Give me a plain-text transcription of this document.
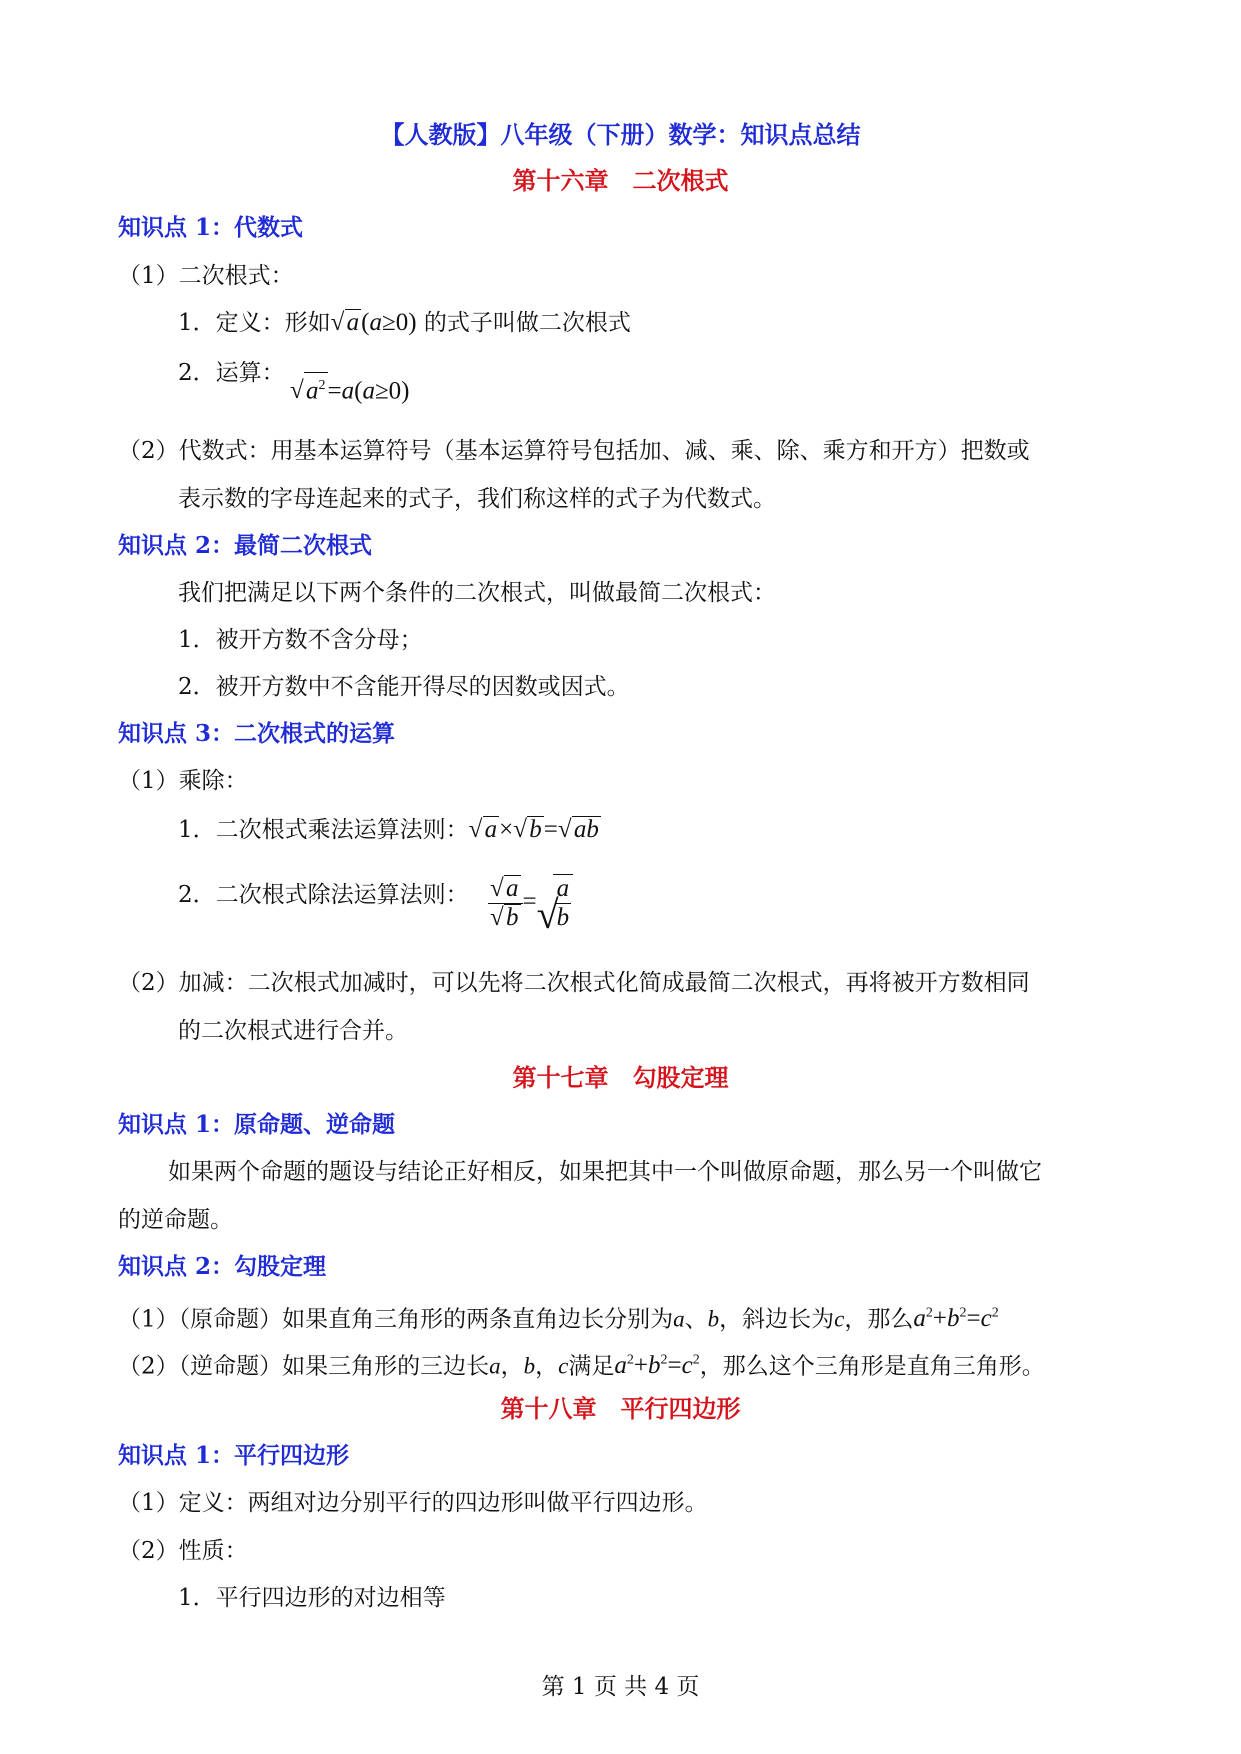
【人教版】八年级（下册）数学：知识点总结
第十六章　二次根式
知识点 1：代数式
（1）二次根式：
1．定义：形如 √ a(a≥0) 的式子叫做二次根式
2．运算：
√ $a^2=a(a\ge 0)$
（2）代数式：用基本运算符号（基本运算符号包括加、减、乘、除、乘方和开方）把数或
表示数的字母连起来的式子，我们称这样的式子为代数式。
知识点 2：最简二次根式
我们把满足以下两个条件的二次根式，叫做最简二次根式：
1．被开方数不含分母；
2．被开方数中不含能开得尽的因数或因式。
知识点 3：二次根式的运算
（1）乘除：
1．二次根式乘法运算法则： √ a× √ b= √ ab
2．二次根式除法运算法则： $\frac{√ a}{√ b}$ = √
$\frac{a}{b}$
（2）加减：二次根式加减时，可以先将二次根式化简成最简二次根式，再将被开方数相同
的二次根式进行合并。
第十七章　勾股定理
知识点 1：原命题、逆命题
如果两个命题的题设与结论正好相反，如果把其中一个叫做原命题，那么另一个叫做它
的逆命题。
知识点 2：勾股定理
（1）（原命题）如果直角三角形的两条直角边长分别为a、b，斜边长为c，那么$a^2+b^2=c^2$
（2）（逆命题）如果三角形的三边长a，b，c满足$a^2+b^2=c^2$，那么这个三角形是直角三角形。
第十八章　平行四边形
知识点 1：平行四边形
（1）定义：两组对边分别平行的四边形叫做平行四边形。
（2）性质：
1．平行四边形的对边相等
第 1 页 共 4 页
